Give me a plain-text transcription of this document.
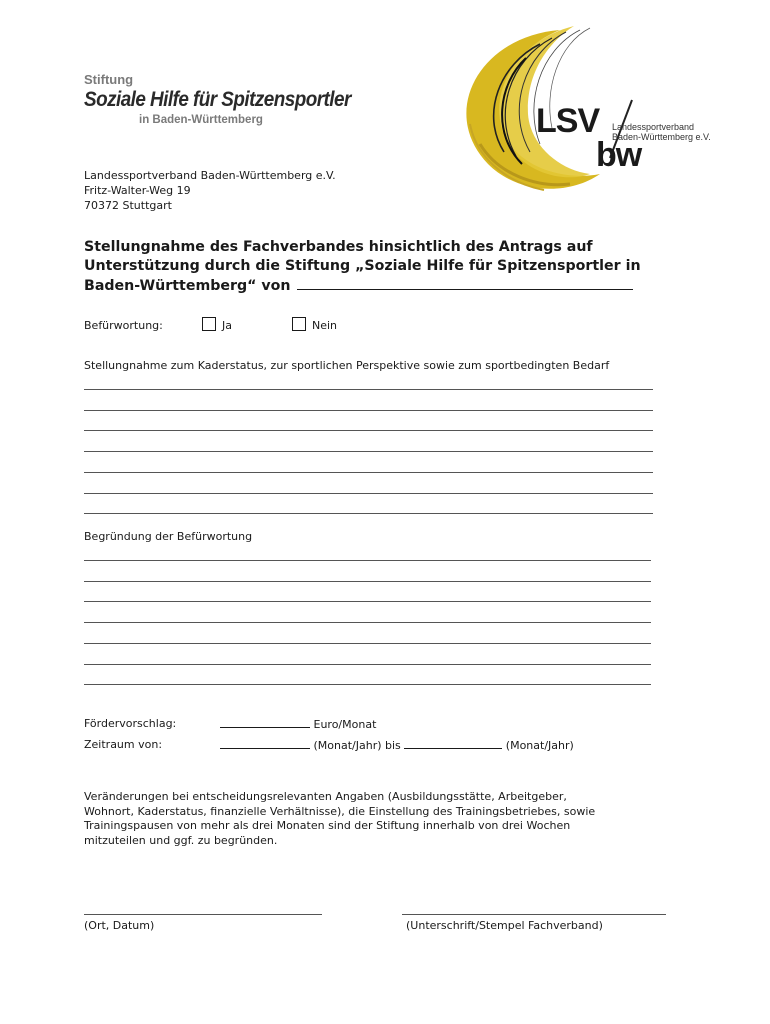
Stiftung
Soziale Hilfe für Spitzensportler
in Baden-Württemberg	LSV
bw
Landessportverband
Baden-Württemberg e.V.
Landessportverband Baden-Württemberg e.V.
Fritz-Walter-Weg 19
70372 Stuttgart
Stellungnahme des Fachverbandes hinsichtlich des Antrags auf
Unterstützung durch die Stiftung „Soziale Hilfe für Spitzensportler in
Baden-Württemberg“ von
Befürwortung:	Ja	Nein
Stellungnahme zum Kaderstatus, zur sportlichen Perspektive sowie zum sportbedingten Bedarf
Begründung der Befürwortung
Fördervorschlag:	Euro/Monat
Zeitraum von:	(Monat/Jahr) bis	(Monat/Jahr)
Veränderungen bei entscheidungsrelevanten Angaben (Ausbildungsstätte, Arbeitgeber,
Wohnort, Kaderstatus, finanzielle Verhältnisse), die Einstellung des Trainingsbetriebes, sowie
Trainingspausen von mehr als drei Monaten sind der Stiftung innerhalb von drei Wochen
mitzuteilen und ggf. zu begründen.
(Ort, Datum)	(Unterschrift/Stempel Fachverband)
